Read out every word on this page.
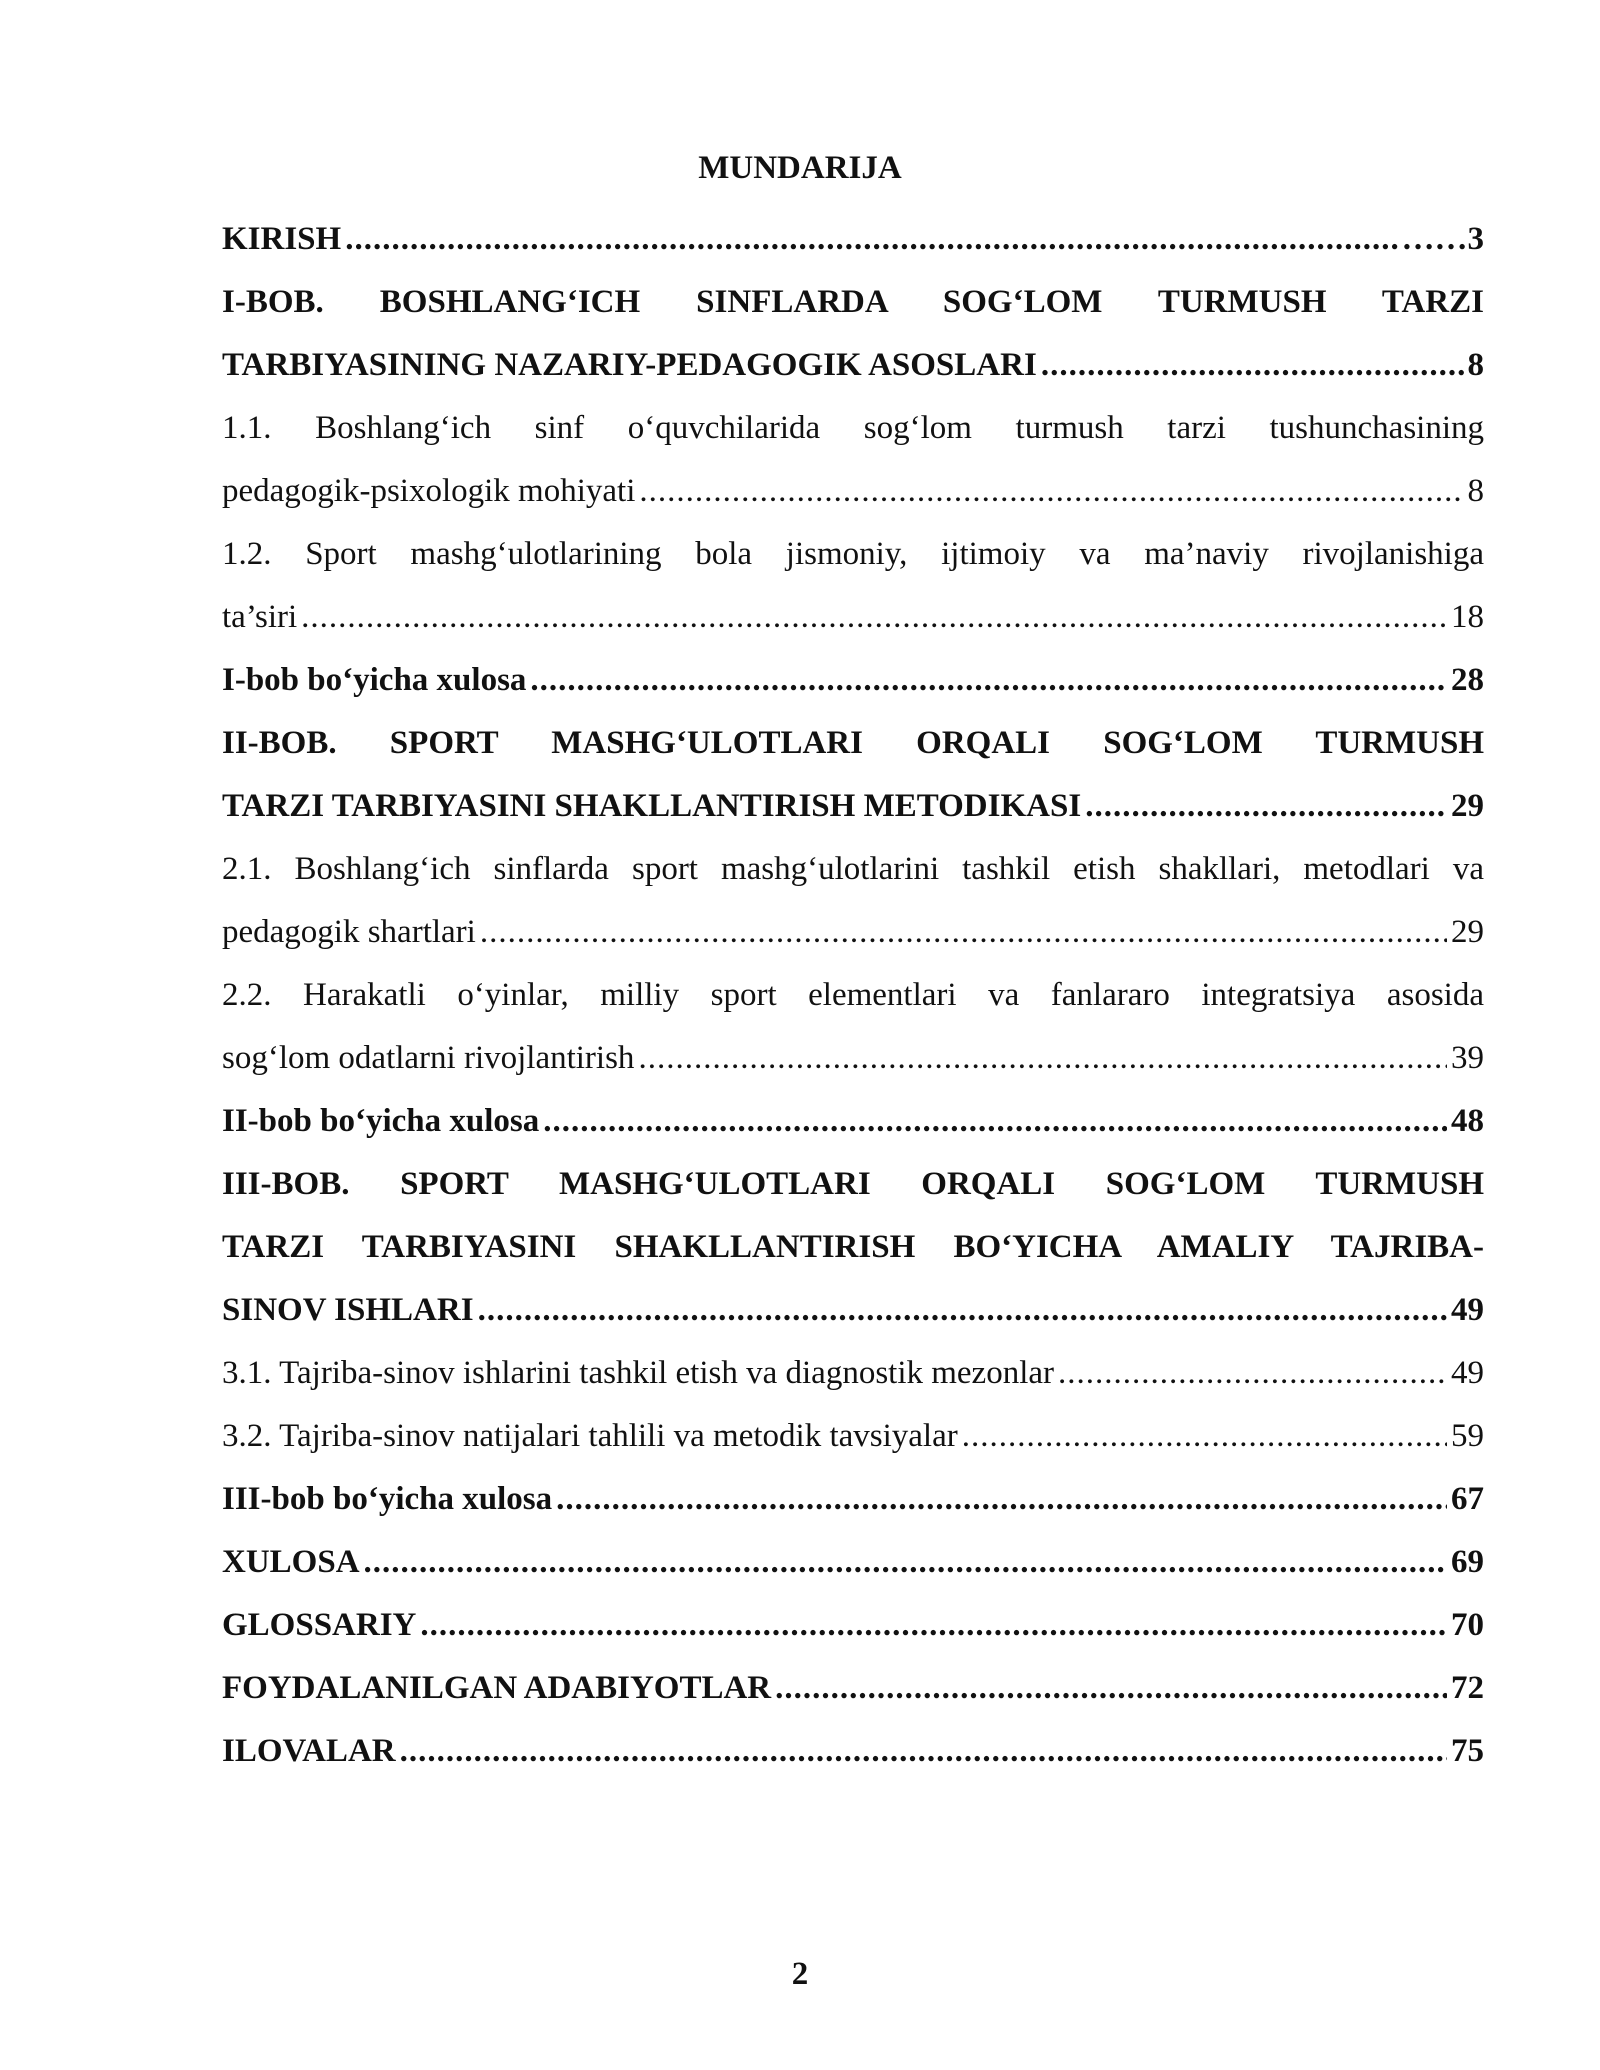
MUNDARIJA
KIRISH .....	……3
I-BOB. BOSHLANG‘ICH SINFLARDA SOG‘LOM TURMUSH TARZI
TARBIYASINING NAZARIY-PEDAGOGIK ASOSLARI .....	8
1.1. Boshlang‘ich sinf o‘quvchilarida sog‘lom turmush tarzi tushunchasining
pedagogik-psixologik mohiyati .....	8
1.2. Sport mashg‘ulotlarining bola jismoniy, ijtimoiy va ma’naviy rivojlanishiga
ta’siri .....	18
I-bob bo‘yicha xulosa .....	28
II-BOB. SPORT MASHG‘ULOTLARI ORQALI SOG‘LOM TURMUSH
TARZI TARBIYASINI SHAKLLANTIRISH METODIKASI .....	29
2.1. Boshlang‘ich sinflarda sport mashg‘ulotlarini tashkil etish shakllari, metodlari va
pedagogik shartlari .....	29
2.2. Harakatli o‘yinlar, milliy sport elementlari va fanlararo integratsiya asosida
sog‘lom odatlarni rivojlantirish .....	39
II-bob bo‘yicha xulosa .....	48
III-BOB. SPORT MASHG‘ULOTLARI ORQALI SOG‘LOM TURMUSH
TARZI TARBIYASINI SHAKLLANTIRISH BO‘YICHA AMALIY TAJRIBA-
SINOV ISHLARI .....	49
3.1. Tajriba-sinov ishlarini tashkil etish va diagnostik mezonlar .....	49
3.2. Tajriba-sinov natijalari tahlili va metodik tavsiyalar .....	59
III-bob bo‘yicha xulosa .....	67
XULOSA .....	69
GLOSSARIY .....	70
FOYDALANILGAN ADABIYOTLAR .....	72
ILOVALAR .....	75
2
